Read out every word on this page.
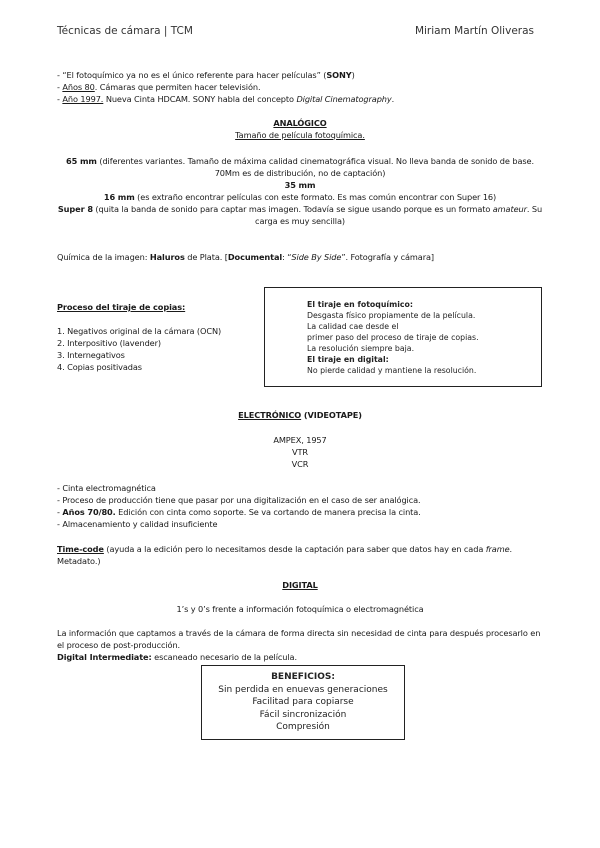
Técnicas de cámara | TCM	Miriam Martín Oliveras
- “El fotoquímico ya no es el único referente para hacer películas” (SONY)
- Años 80. Cámaras que permiten hacer televisión.
- Año 1997. Nueva Cinta HDCAM. SONY habla del concepto Digital Cinematography.
ANALÓGICO
Tamaño de película fotoquímica.
65 mm (diferentes variantes. Tamaño de máxima calidad cinematográfica visual. No lleva banda de sonido de base. 70Mm es de distribución, no de captación)
35 mm
16 mm (es extraño encontrar películas con este formato. Es mas común encontrar con Super 16)
Super 8 (quita la banda de sonido para captar mas imagen. Todavía se sigue usando porque es un formato amateur. Su carga es muy sencilla)
Química de la imagen: Haluros de Plata. [Documental: “Side By Side”. Fotografía y cámara]
Proceso del tiraje de copias:
1. Negativos original de la cámara (OCN)
2. Interpositivo (lavender)
3. Internegativos
4. Copias positivadas
El tiraje en fotoquímico:
Desgasta físico propiamente de la película.
La calidad cae desde el
primer paso del proceso de tiraje de copias.
La resolución siempre baja.
El tiraje en digital:
No pierde calidad y mantiene la resolución.
ELECTRÓNICO (VIDEOTAPE)
AMPEX, 1957
VTR
VCR
- Cinta electromagnética
- Proceso de producción tiene que pasar por una digitalización en el caso de ser analógica.
- Años 70/80. Edición con cinta como soporte. Se va cortando de manera precisa la cinta.
- Almacenamiento y calidad insuficiente
Time-code (ayuda a la edición pero lo necesitamos desde la captación para saber que datos hay en cada frame. Metadato.)
DIGITAL
1’s y 0’s frente a información fotoquímica o electromagnética
La información que captamos a través de la cámara de forma directa sin necesidad de cinta para después procesarlo en el proceso de post-producción.
Digital Intermediate: escaneado necesario de la película.
BENEFICIOS:
Sin perdida en enuevas generaciones
Facilitad para copiarse
Fácil sincronización
Compresión
